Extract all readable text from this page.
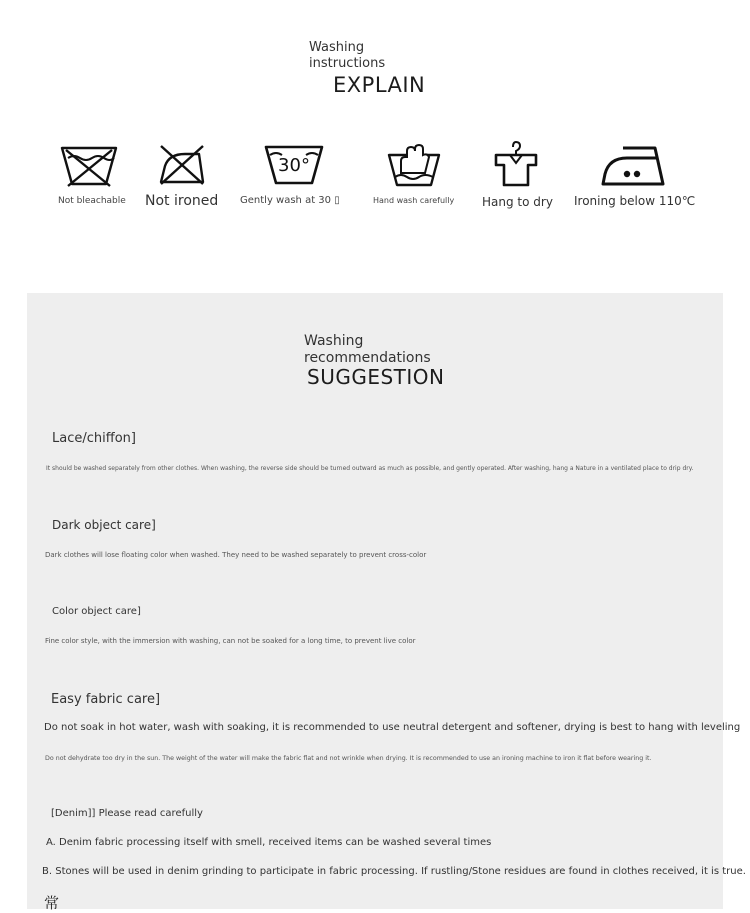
Washing
instructions
EXPLAIN
Not bleachable Not ironed
30°
Gently wash at 30 ▯	Hand wash carefully Hang to dry Ironing below 110℃
Washing
recommendations
SUGGESTION
Lace/chiffon]
It should be washed separately from other clothes. When washing, the reverse side should be turned outward as much as possible, and gently operated. After washing, hang a Nature in a ventilated place to drip dry.
Dark object care]
Dark clothes will lose floating color when washed. They need to be washed separately to prevent cross-color
Color object care]
Fine color style, with the immersion with washing, can not be soaked for a long time, to prevent live color
Easy fabric care]
Do not soak in hot water, wash with soaking, it is recommended to use neutral detergent and softener, drying is best to hang with leveling
Do not dehydrate too dry in the sun. The weight of the water will make the fabric flat and not wrinkle when drying. It is recommended to use an ironing machine to iron it flat before wearing it.
[Denim]] Please read carefully
A. Denim fabric processing itself with smell, received items can be washed several times
B. Stones will be used in denim grinding to participate in fabric processing. If rustling/Stone residues are found in clothes received, it is true.
常
